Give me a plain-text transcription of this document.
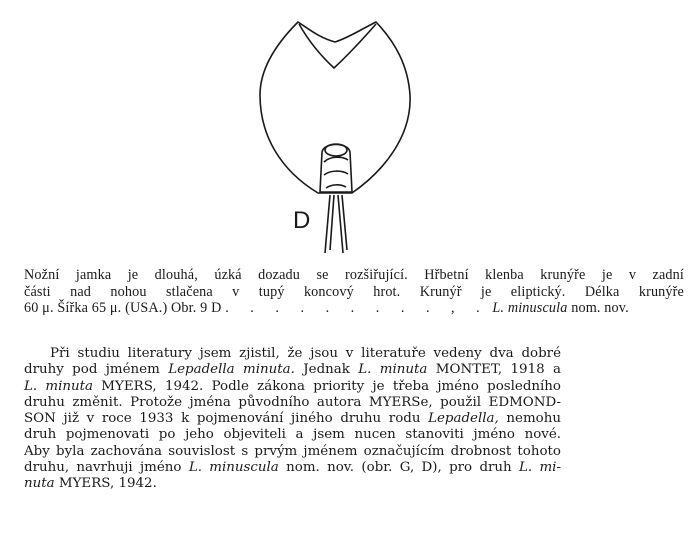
D
Nožní jamka je dlouhá, úzká dozadu se rozšiřující. Hřbetní klenba krunýře je v zadní
části nad nohou stlačena v tupý koncový hrot. Krunýř je eliptický. Délka krunýře
60 μ. Šířka 65 μ. (USA.) Obr. 9 D . . . . . . . . . , . L. minuscula nom. nov.
Při studiu literatury jsem zjistil, že jsou v literatuře vedeny dva dobré
druhy pod jménem Lepadella minuta. Jednak L. minuta MONTET, 1918 a
L. minuta MYERS, 1942. Podle zákona priority je třeba jméno posledního
druhu změnit. Protože jména původního autora MYERSe, použil EDMOND-
SON již v roce 1933 k pojmenování jiného druhu rodu Lepadella, nemohu
druh pojmenovati po jeho objeviteli a jsem nucen stanoviti jméno nové.
Aby byla zachována souvislost s prvým jménem označujícím drobnost tohoto
druhu, navrhuji jméno L. minuscula nom. nov. (obr. G, D), pro druh L. mi-
nuta MYERS, 1942.
